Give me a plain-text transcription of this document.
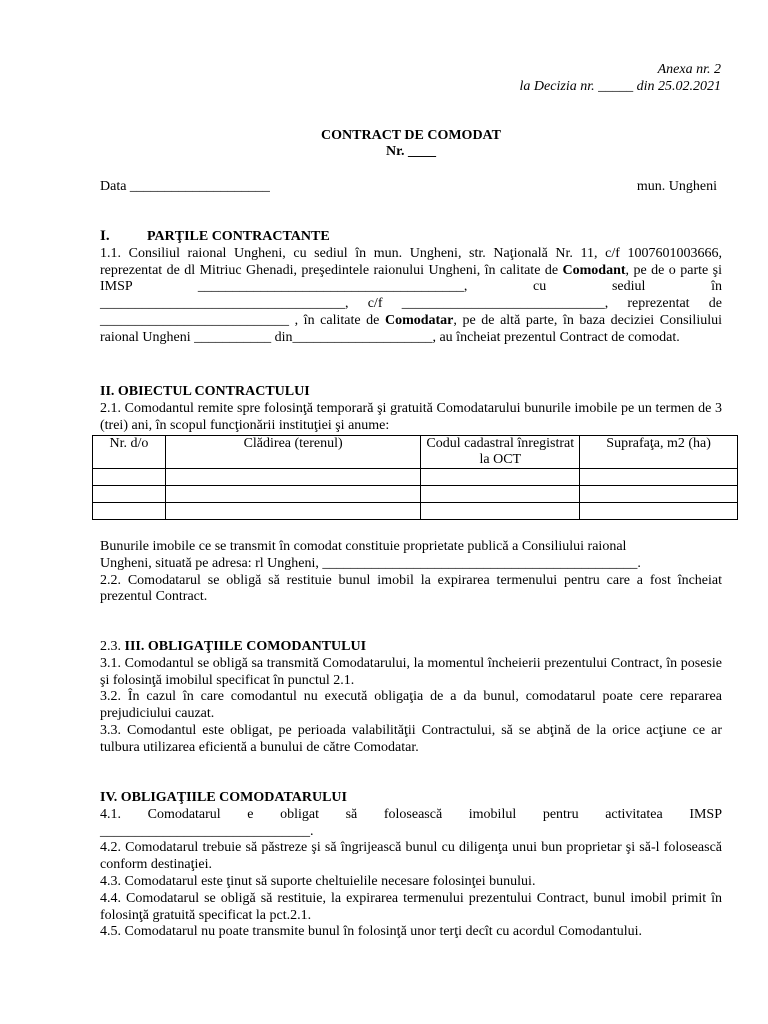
Anexa nr. 2
la Decizia nr. _____ din 25.02.2021
CONTRACT DE COMODAT
Nr. ____
Data ____________________	mun. Ungheni
I.	PARŢILE CONTRACTANTE

1.1. Consiliul raional Ungheni, cu sediul în mun. Ungheni, str. Naţională Nr. 11, c/f 1007601003666, reprezentat de dl Mitriuc Ghenadi, preşedintele raionului Ungheni, în calitate de Comodant, pe de o parte şi IMSP ______________________________________, cu sediul în ___________________________________, c/f _____________________________, reprezentat de ___________________________ , în calitate de Comodatar, pe de altă parte, în baza deciziei Consiliului raional Ungheni ___________ din____________________, au încheiat prezentul Contract de comodat.

II. OBIECTUL CONTRACTULUI

2.1. Comodantul remite spre folosinţă temporară şi gratuită Comodatarului bunurile imobile pe un termen de 3 (trei) ani, în scopul funcţionării instituţiei şi anume:

Nr. d/o	Clădirea (terenul)	Codul cadastral înregistrat la OCT	Suprafaţa, m2 (ha)

Bunurile imobile ce se transmit în comodat constituie proprietate publică a Consiliului raional

Ungheni, situată pe adresa: rl Ungheni, _____________________________________________.

2.2. Comodatarul se obligă să restituie bunul imobil la expirarea termenului pentru care a fost încheiat prezentul Contract.

2.3. III. OBLIGAŢIILE COMODANTULUI

3.1. Comodantul se obligă sa transmită Comodatarului, la momentul încheierii prezentului Contract, în posesie şi folosinţă imobilul specificat în punctul 2.1.

3.2. În cazul în care comodantul nu execută obligaţia de a da bunul, comodatarul poate cere repararea prejudiciului cauzat.

3.3. Comodantul este obligat, pe perioada valabilităţii Contractului, să se abţină de la orice acţiune ce ar tulbura utilizarea eficientă a bunului de către Comodatar.

IV. OBLIGAŢIILE COMODATARULUI

4.1. Comodatarul e obligat să folosească imobilul pentru activitatea IMSP

______________________________.

4.2. Comodatarul trebuie să păstreze şi să îngrijească bunul cu diligenţa unui bun proprietar şi să-l folosească conform destinaţiei.

4.3. Comodatarul este ţinut să suporte cheltuielile necesare folosinţei bunului.

4.4. Comodatarul se obligă să restituie, la expirarea termenului prezentului Contract, bunul imobil primit în folosinţă gratuită specificat la pct.2.1.

4.5. Comodatarul nu poate transmite bunul în folosinţă unor terţi decît cu acordul Comodantului.
